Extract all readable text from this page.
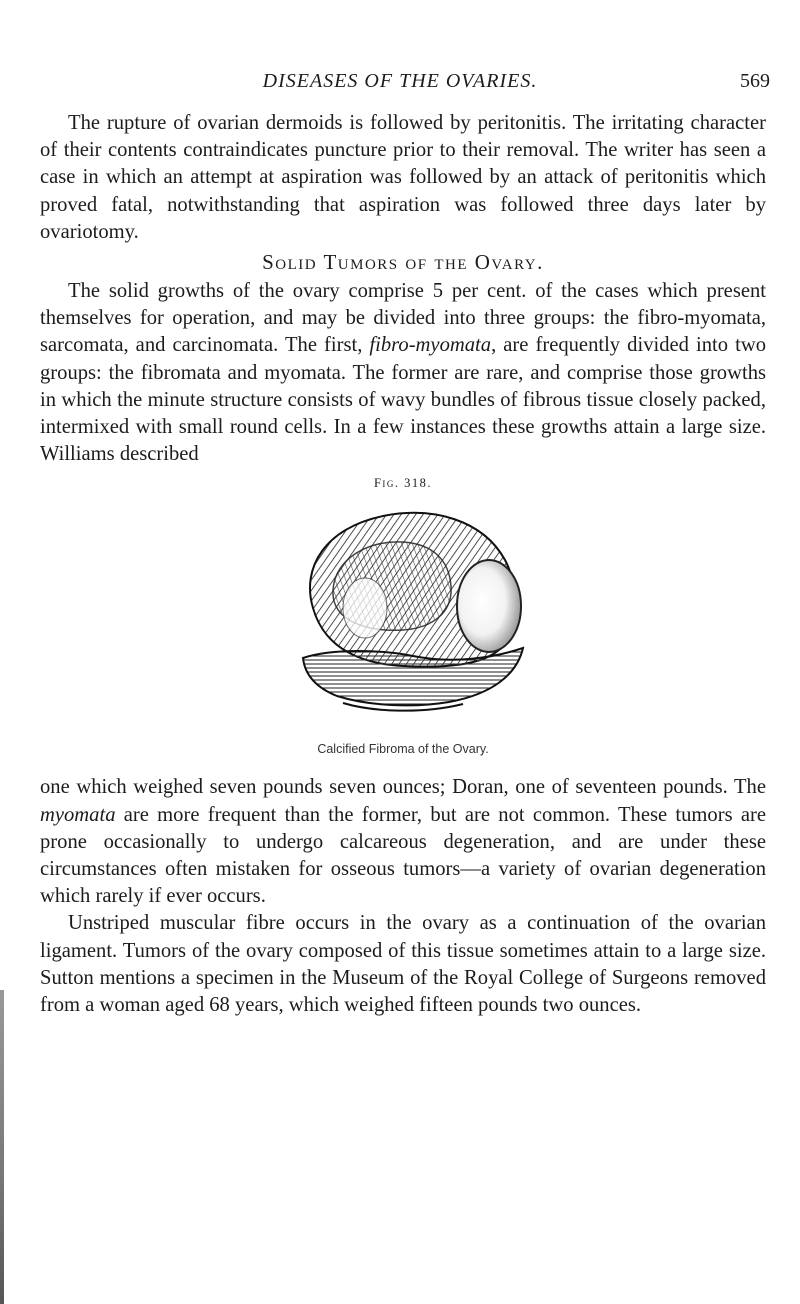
DISEASES OF THE OVARIES.	569

The rupture of ovarian dermoids is followed by peritonitis. The irritating character of their contents contraindicates puncture prior to their removal. The writer has seen a case in which an attempt at aspiration was followed by an attack of peritonitis which proved fatal, notwithstanding that aspiration was followed three days later by ovariotomy.

Solid Tumors of the Ovary.

The solid growths of the ovary comprise 5 per cent. of the cases which present themselves for operation, and may be divided into three groups: the fibro-myomata, sarcomata, and carcinomata. The first, fibro-myomata, are frequently divided into two groups: the fibromata and myomata. The former are rare, and comprise those growths in which the minute structure consists of wavy bundles of fibrous tissue closely packed, intermixed with small round cells. In a few instances these growths attain a large size. Williams described

Fig. 318.
Calcified Fibroma of the Ovary.

one which weighed seven pounds seven ounces; Doran, one of seventeen pounds. The myomata are more frequent than the former, but are not common. These tumors are prone occasionally to undergo calcareous degeneration, and are under these circumstances often mistaken for osseous tumors—a variety of ovarian degeneration which rarely if ever occurs.

Unstriped muscular fibre occurs in the ovary as a continuation of the ovarian ligament. Tumors of the ovary composed of this tissue sometimes attain to a large size. Sutton mentions a specimen in the Museum of the Royal College of Surgeons removed from a woman aged 68 years, which weighed fifteen pounds two ounces.
